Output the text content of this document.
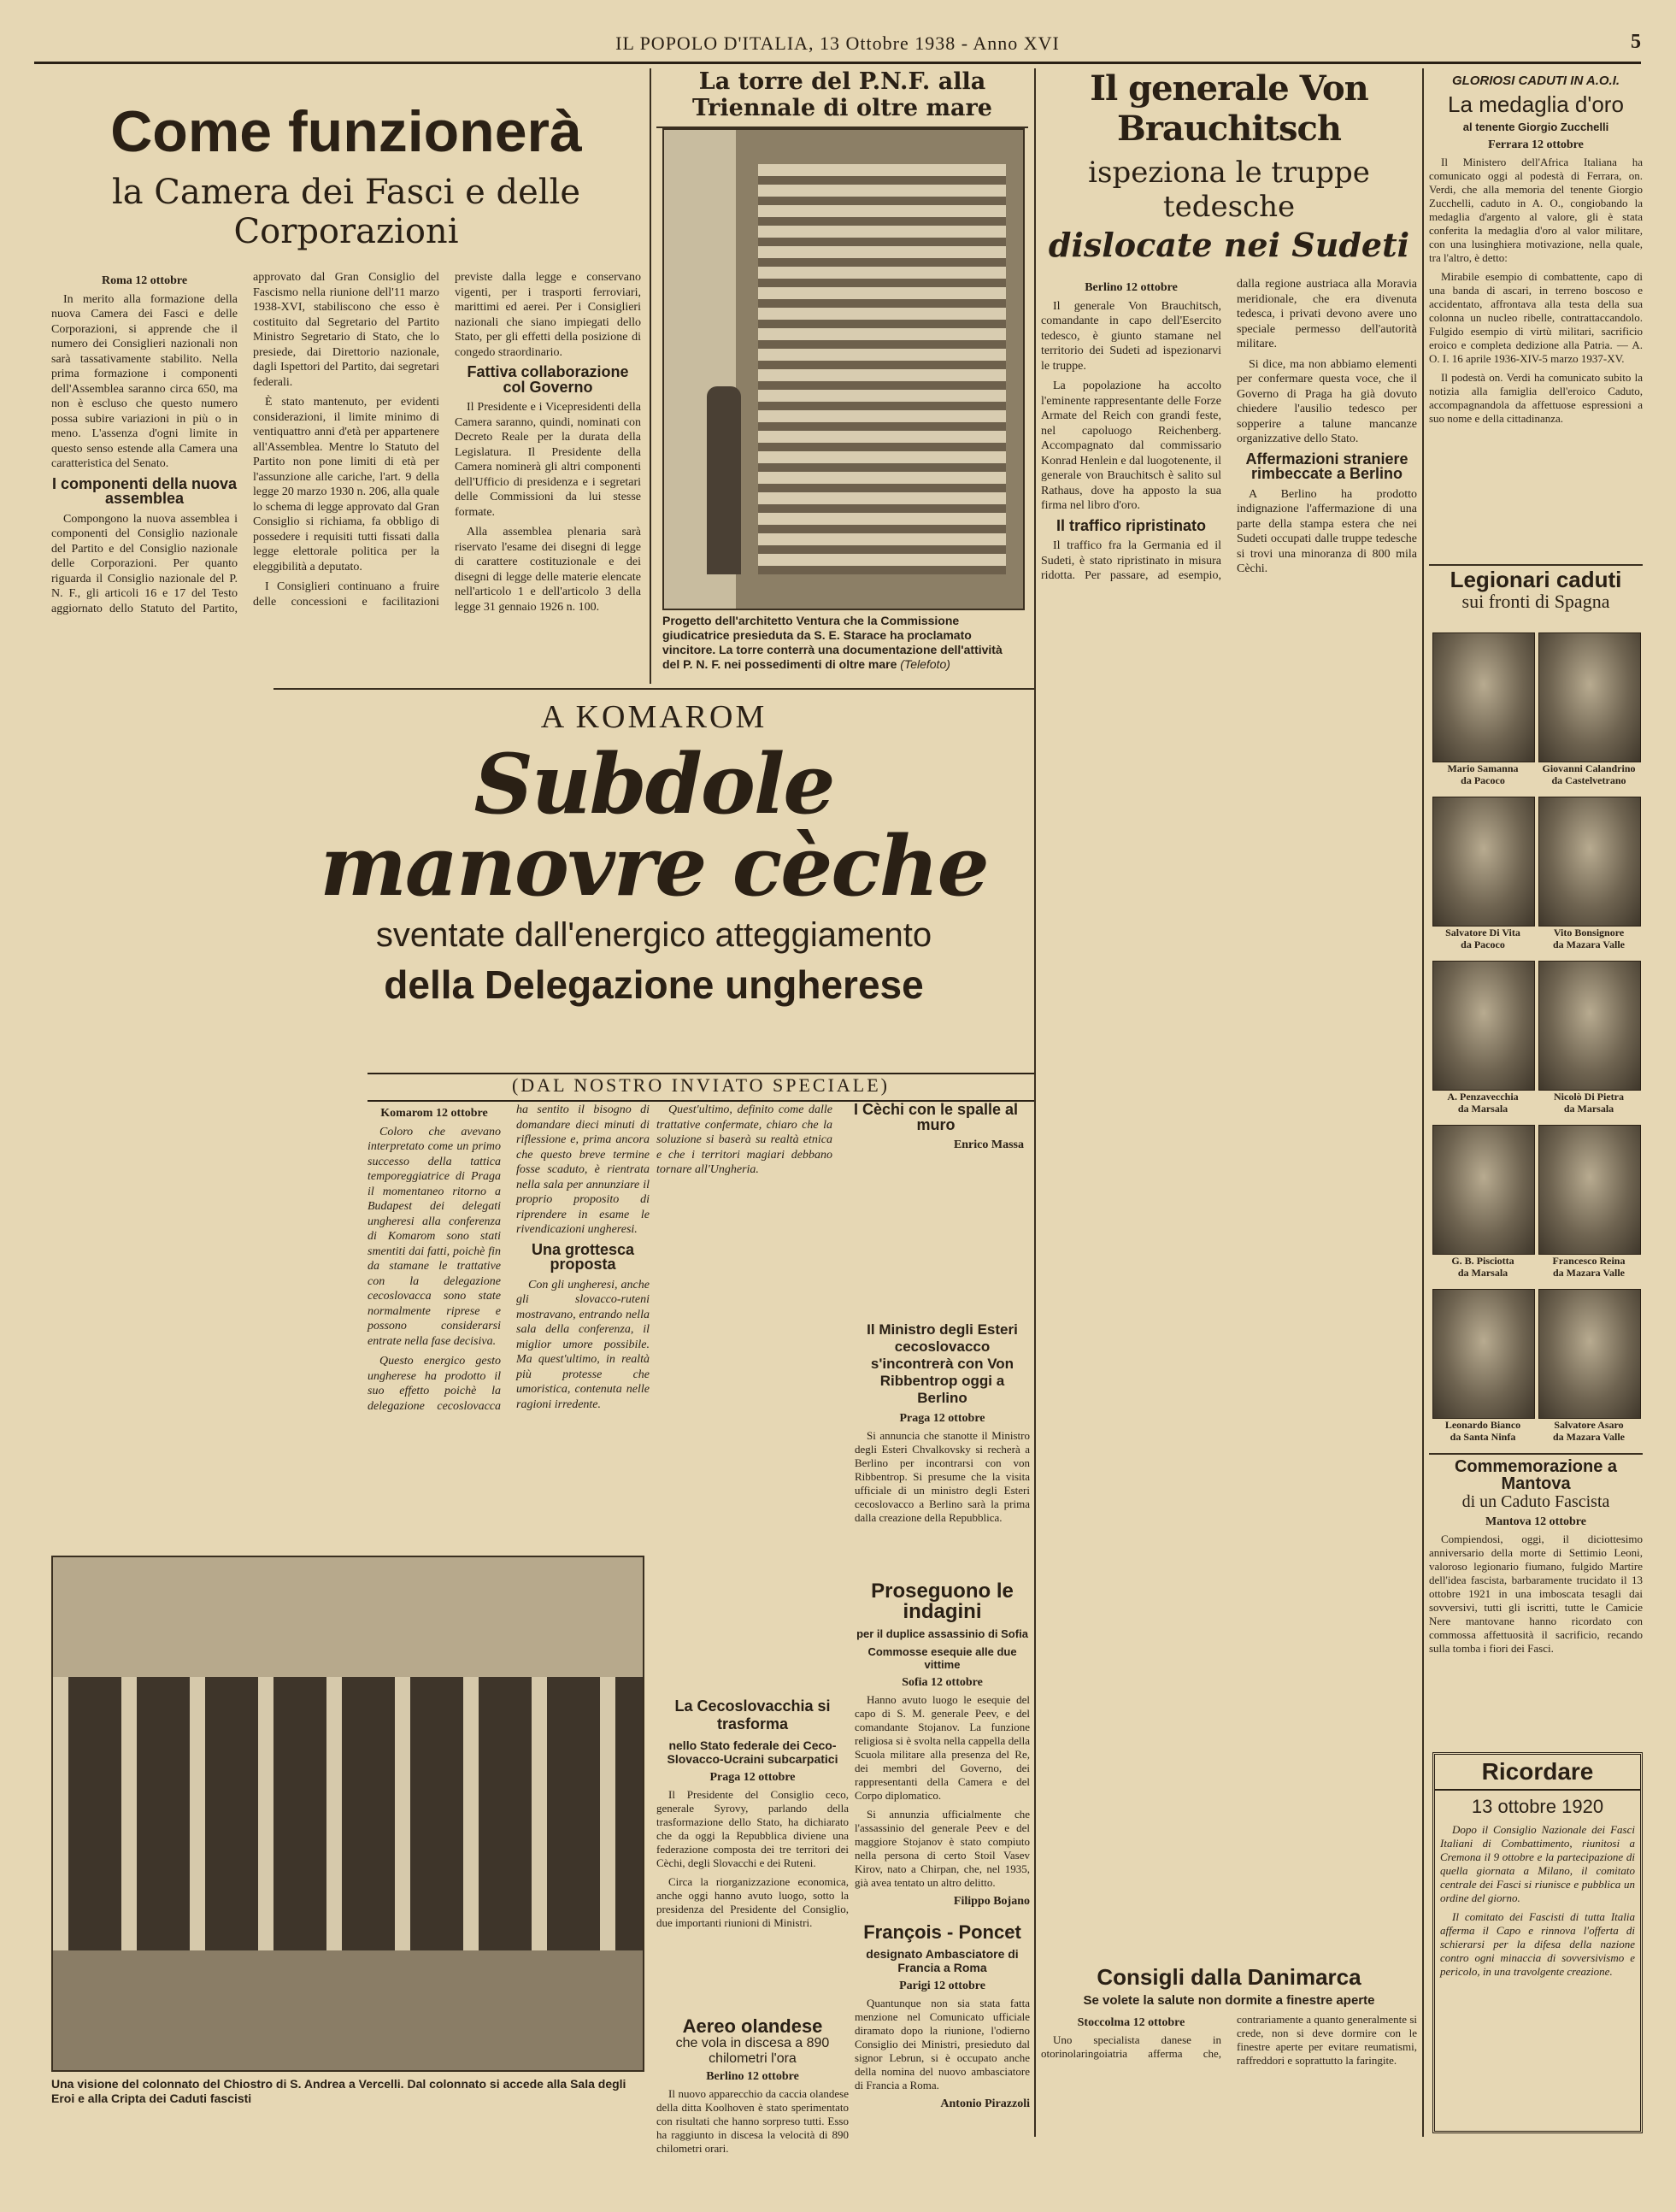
IL POPOLO D'ITALIA, 13 Ottobre 1938 - Anno XVI	5
Come funzionerà
la Camera dei Fasci e delle Corporazioni
Roma 12 ottobre

In merito alla formazione della nuova Camera dei Fasci e delle Corporazioni, si apprende che il numero dei Consiglieri nazionali non sarà tassativamente stabilito. Nella prima formazione i componenti dell'Assemblea saranno circa 650, ma non è escluso che questo numero possa subire variazioni in più o in meno. L'assenza d'ogni limite in questo senso estende alla Camera una caratteristica del Senato.

I componenti della nuova assemblea

Compongono la nuova assemblea i componenti del Consiglio nazionale del Partito e del Consiglio nazionale delle Corporazioni. Per quanto riguarda il Consiglio nazionale del P. N. F., gli articoli 16 e 17 del Testo aggiornato dello Statuto del Partito, approvato dal Gran Consiglio del Fascismo nella riunione dell'11 marzo 1938-XVI, stabiliscono che esso è costituito dal Segretario del Partito Ministro Segretario di Stato, che lo presiede, dai Direttorio nazionale, dagli Ispettori del Partito, dai segretari federali.

È stato mantenuto, per evidenti considerazioni, il limite minimo di ventiquattro anni d'età per appartenere all'Assemblea. Mentre lo Statuto del Partito non pone limiti di età per l'assunzione alle cariche, l'art. 9 della legge 20 marzo 1930 n. 206, alla quale lo schema di legge approvato dal Gran Consiglio si richiama, fa obbligo di possedere i requisiti tutti fissati dalla legge elettorale politica per la eleggibilità a deputato.

I Consiglieri continuano a fruire delle concessioni e facilitazioni previste dalla legge e conservano vigenti, per i trasporti ferroviari, marittimi ed aerei. Per i Consiglieri nazionali che siano impiegati dello Stato, per gli effetti della posizione di congedo straordinario.

Fattiva collaborazione col Governo

Il Presidente e i Vicepresidenti della Camera saranno, quindi, nominati con Decreto Reale per la durata della Legislatura. Il Presidente della Camera nominerà gli altri componenti dell'Ufficio di presidenza e i segretari delle Commissioni da lui stesse formate.

Alla assemblea plenaria sarà riservato l'esame dei disegni di legge di carattere costituzionale e dei disegni di legge delle materie elencate nell'articolo 1 e dell'articolo 3 della legge 31 gennaio 1926 n. 100.

La torre del P.N.F. alla Triennale di oltre mare
Progetto dell'architetto Ventura che la Commissione giudicatrice presieduta da S. E. Starace ha proclamato vincitore. La torre conterrà una documentazione dell'attività del P. N. F. nei possedimenti di oltre mare (Telefoto)
Il generale Von Brauchitsch
ispeziona le truppe tedesche
dislocate nei Sudeti
Berlino 12 ottobre

Il generale Von Brauchitsch, comandante in capo dell'Esercito tedesco, è giunto stamane nel territorio dei Sudeti ad ispezionarvi le truppe.

La popolazione ha accolto l'eminente rappresentante delle Forze Armate del Reich con grandi feste, nel capoluogo Reichenberg. Accompagnato dal commissario Konrad Henlein e dal luogotenente, il generale von Brauchitsch è salito sul Rathaus, dove ha apposto la sua firma nel libro d'oro.

Il traffico ripristinato

Il traffico fra la Germania ed il Sudeti, è stato ripristinato in misura ridotta. Per passare, ad esempio, dalla regione austriaca alla Moravia meridionale, che era divenuta tedesca, i privati devono avere uno speciale permesso dell'autorità militare.

Si dice, ma non abbiamo elementi per confermare questa voce, che il Governo di Praga ha già dovuto chiedere l'ausilio tedesco per sopperire a talune mancanze organizzative dello Stato.

Affermazioni straniere rimbeccate a Berlino

A Berlino ha prodotto indignazione l'affermazione di una parte della stampa estera che nei Sudeti occupati dalle truppe tedesche si trovi una minoranza di 800 mila Cèchi.

GLORIOSI CADUTI IN A.O.I.
La medaglia d'oro
al tenente Giorgio Zucchelli
Ferrara 12 ottobre

Il Ministero dell'Africa Italiana ha comunicato oggi al podestà di Ferrara, on. Verdi, che alla memoria del tenente Giorgio Zucchelli, caduto in A. O., congiobando la medaglia d'argento al valore, gli è stata conferita la medaglia d'oro al valor militare, con una lusinghiera motivazione, nella quale, tra l'altro, è detto:

Mirabile esempio di combattente, capo di una banda di ascari, in terreno boscoso e accidentato, affrontava alla testa della sua colonna un nucleo ribelle, contrattaccandolo. Fulgido esempio di virtù militari, sacrificio eroico e completa dedizione alla Patria. — A. O. I. 16 aprile 1936-XIV-5 marzo 1937-XV.

Il podestà on. Verdi ha comunicato subito la notizia alla famiglia dell'eroico Caduto, accompagnandola da affettuose espressioni a suo nome e della cittadinanza.

Legionari caduti
sui fronti di Spagna
Mario Samanna
da Pacoco
Giovanni Calandrino
da Castelvetrano
Salvatore Di Vita
da Pacoco
Vito Bonsignore
da Mazara Valle
A. Penzavecchia
da Marsala
Nicolò Di Pietra
da Marsala
G. B. Pisciotta
da Marsala
Francesco Reina
da Mazara Valle
Leonardo Bianco
da Santa Ninfa
Salvatore Asaro
da Mazara Valle
Commemorazione a Mantova
di un Caduto Fascista
Mantova 12 ottobre

Compiendosi, oggi, il diciottesimo anniversario della morte di Settimio Leoni, valoroso legionario fiumano, fulgido Martire dell'idea fascista, barbaramente trucidato il 13 ottobre 1921 in una imboscata tesagli dai sovversivi, tutti gli iscritti, tutte le Camicie Nere mantovane hanno ricordato con commossa affettuosità il sacrificio, recando sulla tomba i fiori dei Fasci.

Ricordare
13 ottobre 1920

Dopo il Consiglio Nazionale dei Fasci Italiani di Combattimento, riunitosi a Cremona il 9 ottobre e la partecipazione di quella giornata a Milano, il comitato centrale dei Fasci si riunisce e pubblica un ordine del giorno.

Il comitato dei Fascisti di tutta Italia afferma il Capo e rinnova l'offerta di schierarsi per la difesa della nazione contro ogni minaccia di sovversivismo e pericolo, in una travolgente creazione.

A KOMAROM
Subdole manovre cèche
sventate dall'energico atteggiamento
della Delegazione ungherese
(DAL NOSTRO INVIATO SPECIALE)
Komarom 12 ottobre

Coloro che avevano interpretato come un primo successo della tattica temporeggiatrice di Praga il momentaneo ritorno a Budapest dei delegati ungheresi alla conferenza di Komarom sono stati smentiti dai fatti, poichè fin da stamane le trattative con la delegazione cecoslovacca sono state normalmente riprese e possono considerarsi entrate nella fase decisiva.

Questo energico gesto ungherese ha prodotto il suo effetto poichè la delegazione cecoslovacca ha sentito il bisogno di domandare dieci minuti di riflessione e, prima ancora che questo breve termine fosse scaduto, è rientrata nella sala per annunziare il proprio proposito di riprendere in esame le rivendicazioni ungheresi.

Una grottesca proposta

Con gli ungheresi, anche gli slovacco-ruteni mostravano, entrando nella sala della conferenza, il miglior umore possibile. Ma quest'ultimo, in realtà più protesse che umoristica, contenuta nelle ragioni irredente.

Quest'ultimo, definito come dalle trattative confermate, chiaro che la soluzione si baserà su realtà etnica e che i territori magiari debbano tornare all'Ungheria.

I Cèchi con le spalle al muro
Enrico Massa
Il Ministro degli Esteri cecoslovacco s'incontrerà con Von Ribbentrop oggi a Berlino
Praga 12 ottobre

Si annuncia che stanotte il Ministro degli Esteri Chvalkovsky si recherà a Berlino per incontrarsi con von Ribbentrop. Si presume che la visita ufficiale di un ministro degli Esteri cecoslovacco a Berlino sarà la prima dalla creazione della Repubblica.

La Cecoslovacchia si trasforma
nello Stato federale dei Ceco-Slovacco-Ucraini subcarpatici
Praga 12 ottobre

Il Presidente del Consiglio ceco, generale Syrovy, parlando della trasformazione dello Stato, ha dichiarato che da oggi la Repubblica diviene una federazione composta dei tre territori dei Cèchi, degli Slovacchi e dei Ruteni.

Circa la riorganizzazione economica, anche oggi hanno avuto luogo, sotto la presidenza del Presidente del Consiglio, due importanti riunioni di Ministri.

Proseguono le indagini
per il duplice assassinio di Sofia
Commosse esequie alle due vittime
Sofia 12 ottobre

Hanno avuto luogo le esequie del capo di S. M. generale Peev, e del comandante Stojanov. La funzione religiosa si è svolta nella cappella della Scuola militare alla presenza del Re, dei membri del Governo, dei rappresentanti della Camera e del Corpo diplomatico.

Si annunzia ufficialmente che l'assassinio del generale Peev e del maggiore Stojanov è stato compiuto nella persona di certo Stoil Vasev Kirov, nato a Chirpan, che, nel 1935, già avea tentato un altro delitto.

Filippo Bojano
Aereo olandese
che vola in discesa a 890 chilometri l'ora
Berlino 12 ottobre

Il nuovo apparecchio da caccia olandese della ditta Koolhoven è stato sperimentato con risultati che hanno sorpreso tutti. Esso ha raggiunto in discesa la velocità di 890 chilometri orari.

François - Poncet
designato Ambasciatore di Francia a Roma
Parigi 12 ottobre

Quantunque non sia stata fatta menzione nel Comunicato ufficiale diramato dopo la riunione, l'odierno Consiglio dei Ministri, presieduto dal signor Lebrun, si è occupato anche della nomina del nuovo ambasciatore di Francia a Roma.

Antonio Pirazzoli
Consigli dalla Danimarca
Se volete la salute non dormite a finestre aperte
Stoccolma 12 ottobre

Uno specialista danese in otorinolaringoiatria afferma che, contrariamente a quanto generalmente si crede, non si deve dormire con le finestre aperte per evitare reumatismi, raffreddori e soprattutto la faringite.

Una visione del colonnato del Chiostro di S. Andrea a Vercelli. Dal colonnato si accede alla Sala degli Eroi e alla Cripta dei Caduti fascisti
